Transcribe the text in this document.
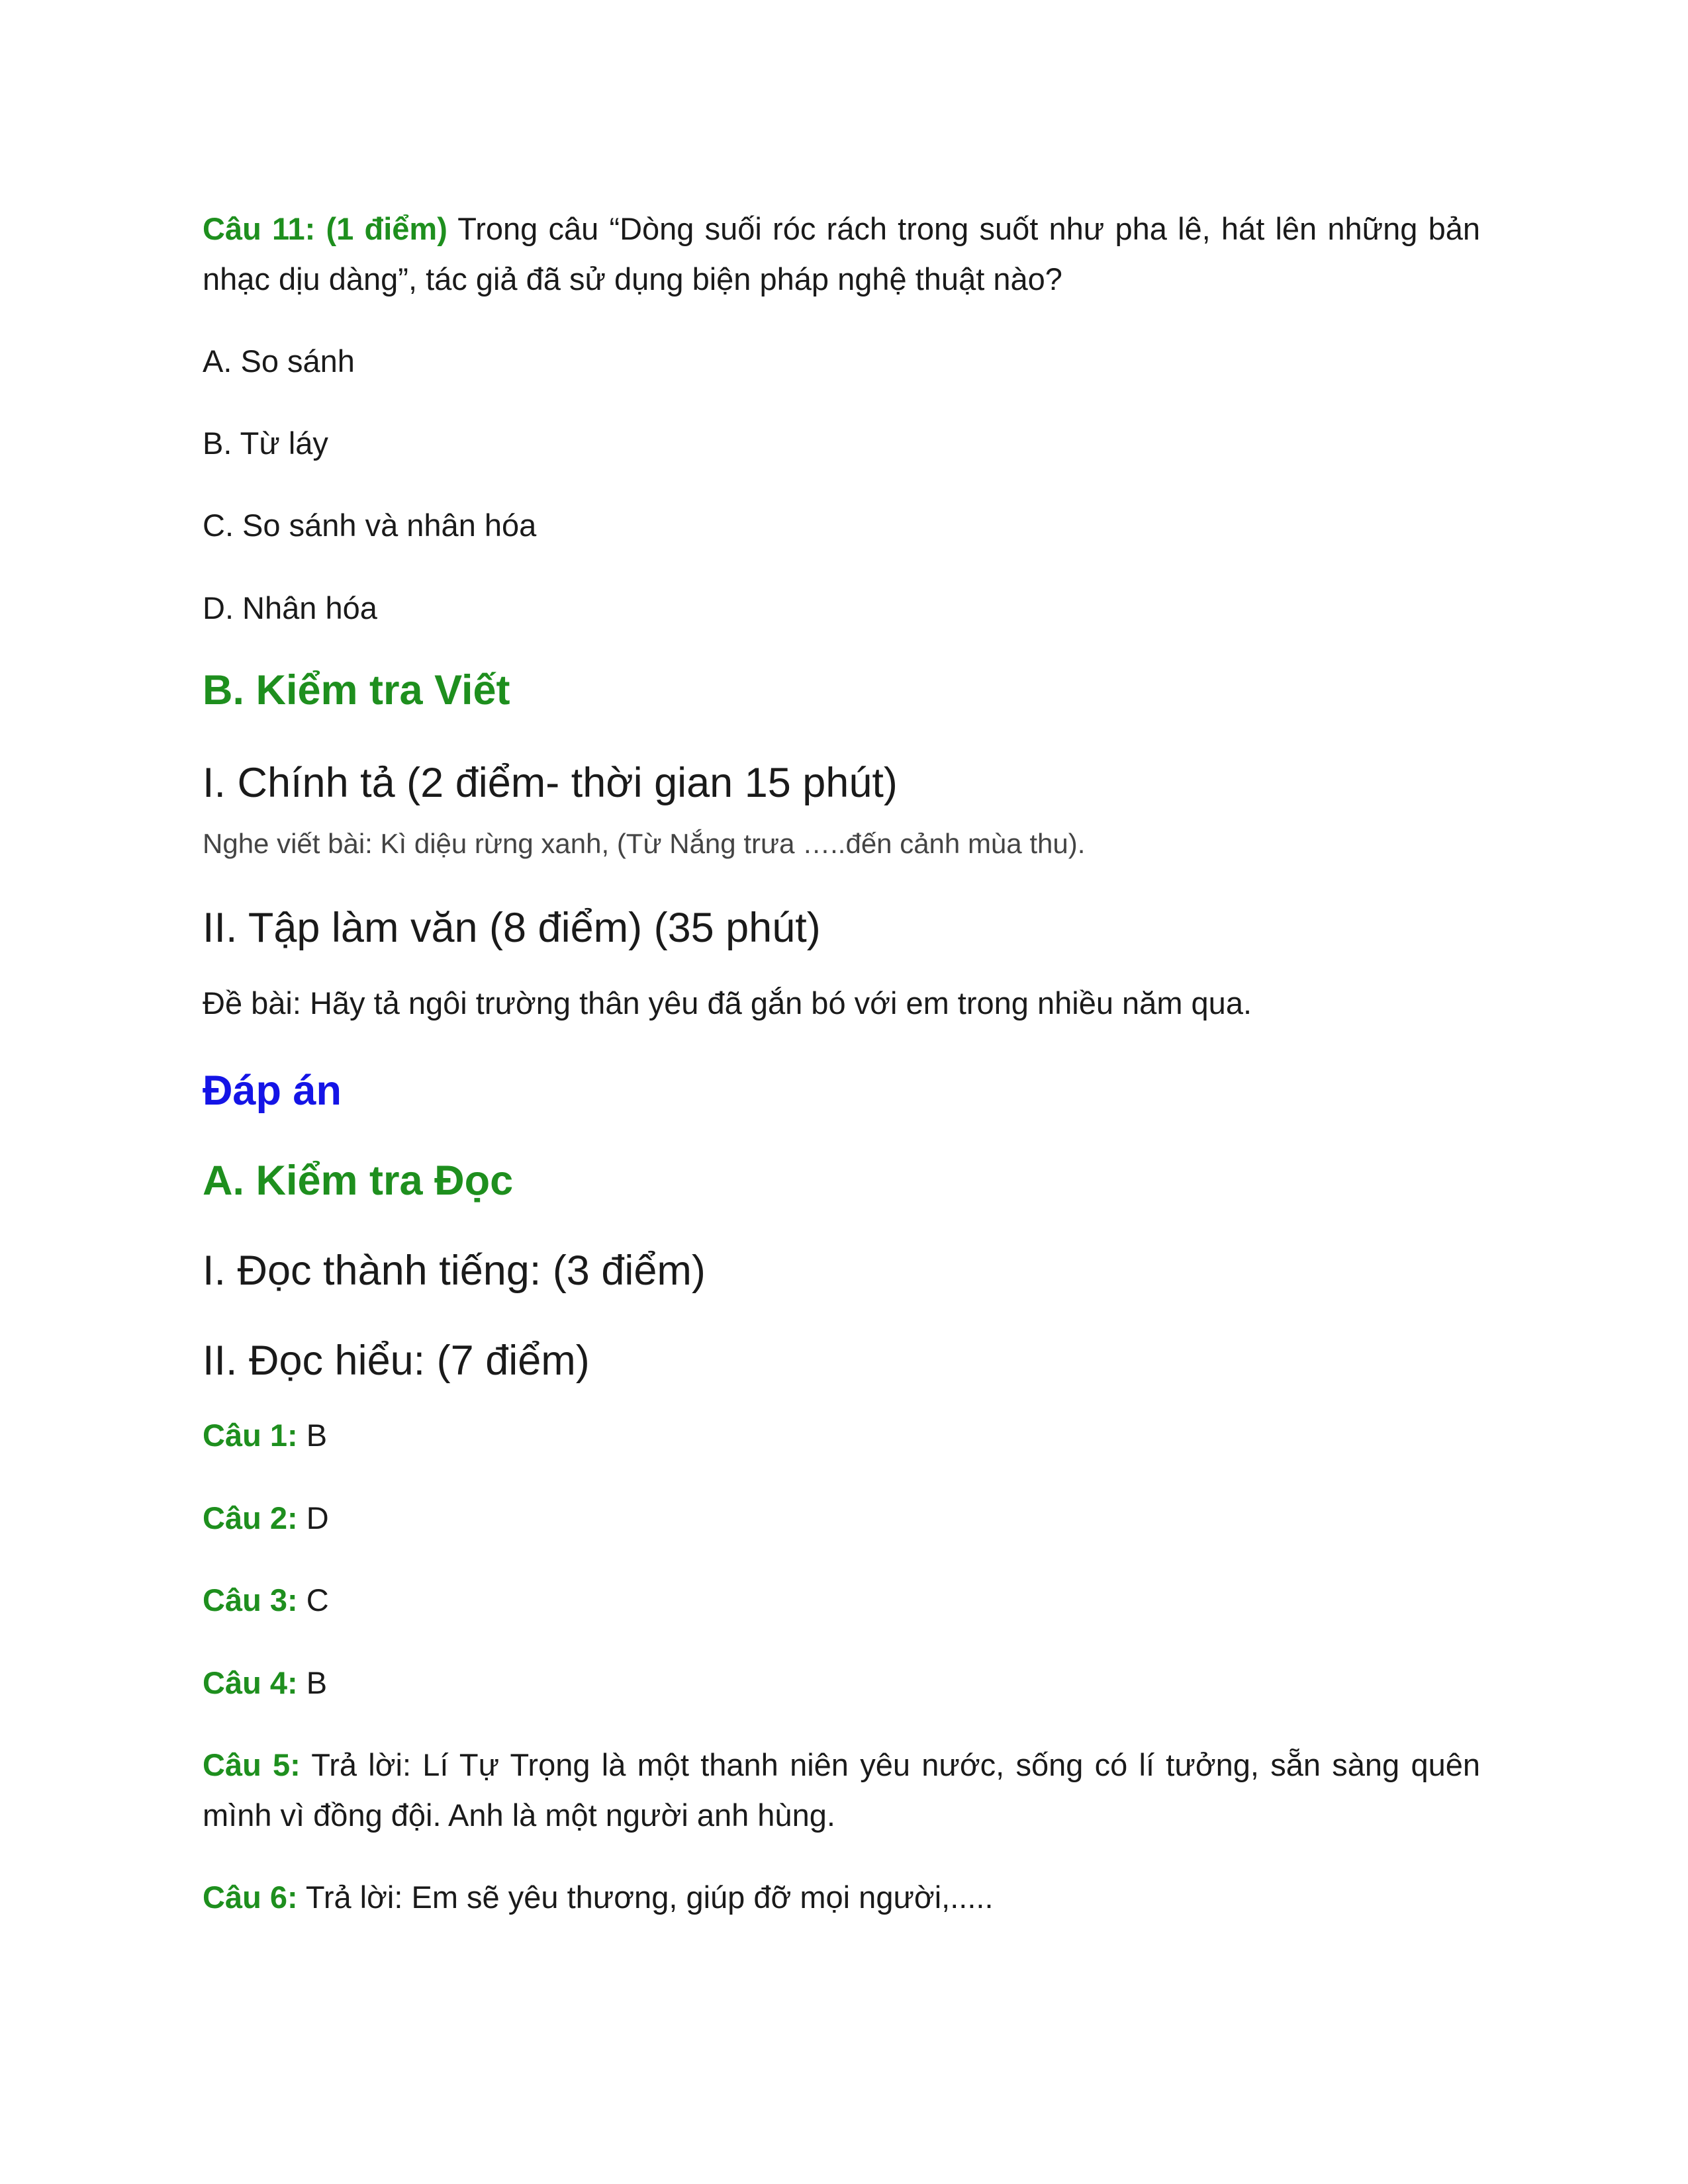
Câu 11: (1 điểm) Trong câu “Dòng suối róc rách trong suốt như pha lê, hát lên những bản nhạc dịu dàng”, tác giả đã sử dụng biện pháp nghệ thuật nào?

A. So sánh

B. Từ láy

C. So sánh và nhân hóa

D. Nhân hóa

B. Kiểm tra Viết
I. Chính tả (2 điểm- thời gian 15 phút)

Nghe viết bài: Kì diệu rừng xanh, (Từ Nắng trưa …..đến cảnh mùa thu).

II. Tập làm văn (8 điểm) (35 phút)

Đề bài: Hãy tả ngôi trường thân yêu đã gắn bó với em trong nhiều năm qua.

Đáp án
A. Kiểm tra Đọc
I. Đọc thành tiếng: (3 điểm)
II. Đọc hiểu: (7 điểm)

Câu 1: B

Câu 2: D

Câu 3: C

Câu 4: B

Câu 5: Trả lời: Lí Tự Trọng là một thanh niên yêu nước, sống có lí tưởng, sẵn sàng quên mình vì đồng đội. Anh là một người anh hùng.

Câu 6: Trả lời: Em sẽ yêu thương, giúp đỡ mọi người,.....
